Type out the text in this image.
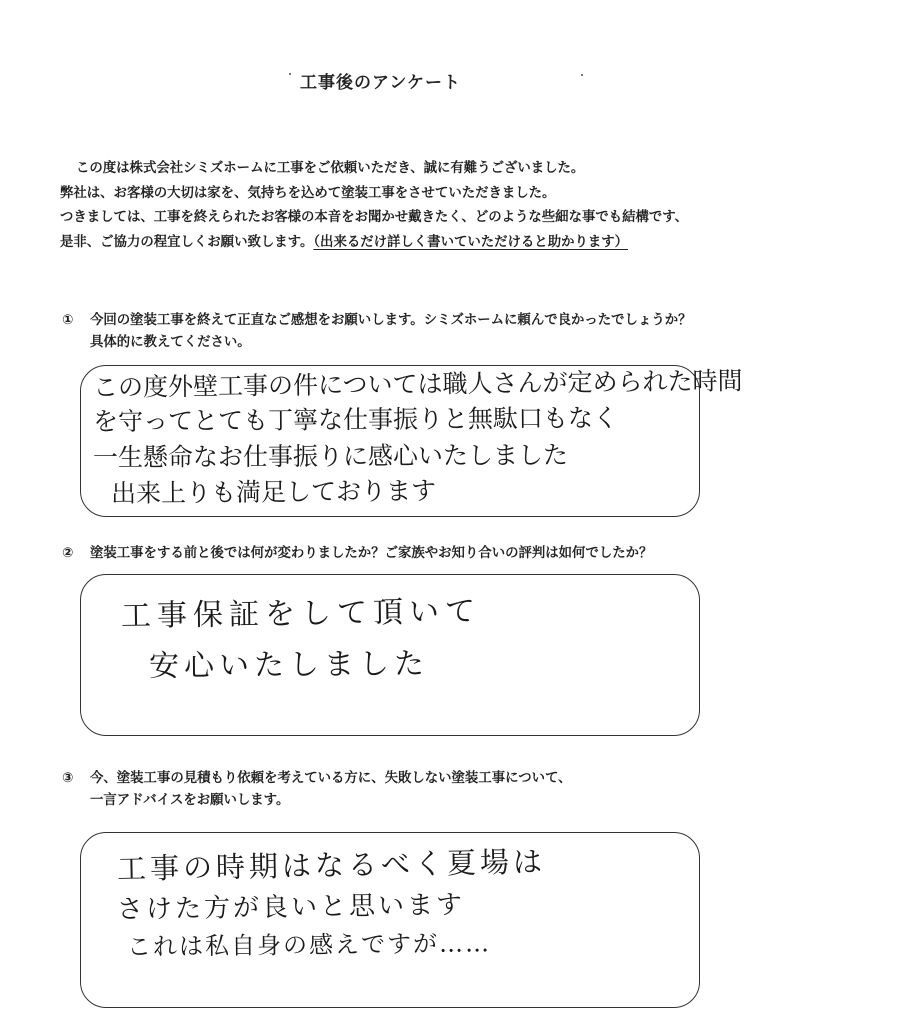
工事後のアンケート
この度は株式会社シミズホームに工事をご依頼いただき、誠に有難うございました。
弊社は、お客様の大切は家を、気持ちを込めて塗装工事をさせていただきました。
つきましては、工事を終えられたお客様の本音をお聞かせ戴きたく、どのような些細な事でも結構です、
是非、ご協力の程宜しくお願い致します。（出来るだけ詳しく書いていただけると助かります）
① 今回の塗装工事を終えて正直なご感想をお願いします。シミズホームに頼んで良かったでしょうか？
具体的に教えてください。
この度外壁工事の件については職人さんが定められた時間
を守ってとても丁寧な仕事振りと無駄口もなく
一生懸命なお仕事振りに感心いたしました
出来上りも満足しております
② 塗装工事をする前と後では何が変わりましたか？ご家族やお知り合いの評判は如何でしたか？
工事保証をして頂いて
安心いたしました
③ 今、塗装工事の見積もり依頼を考えている方に、失敗しない塗装工事について、
一言アドバイスをお願いします。
工事の時期はなるべく夏場は
さけた方が良いと思います
これは私自身の感えですが……
